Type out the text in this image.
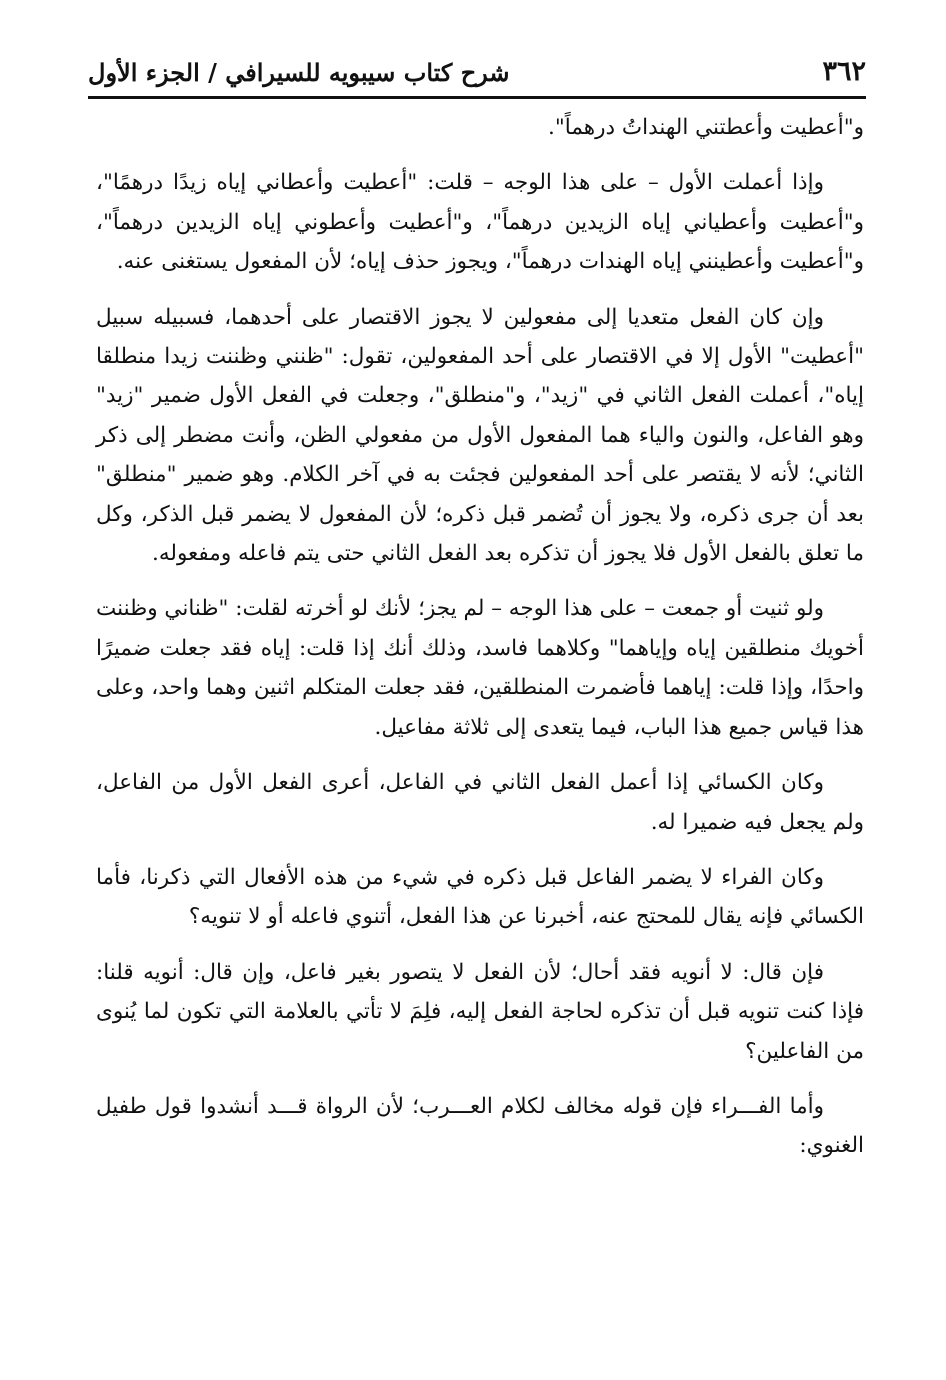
٣٦٢
شرح كتاب سيبويه للسيرافي / الجزء الأول

و"أعطيت وأعطتني الهنداتُ درهماً".

وإذا أعملت الأول – على هذا الوجه – قلت: "أعطيت وأعطاني إياه زيدًا درهمًا"، و"أعطيت وأعطياني إياه الزيدين درهماً"، و"أعطيت وأعطوني إياه الزيدين درهماً"، و"أعطيت وأعطينني إياه الهندات درهماً"، ويجوز حذف إياه؛ لأن المفعول يستغنى عنه.

وإن كان الفعل متعديا إلى مفعولين لا يجوز الاقتصار على أحدهما، فسبيله سبيل "أعطيت" الأول إلا في الاقتصار على أحد المفعولين، تقول: "ظنني وظننت زيدا منطلقا إياه"، أعملت الفعل الثاني في "زيد"، و"منطلق"، وجعلت في الفعل الأول ضمير "زيد" وهو الفاعل، والنون والياء هما المفعول الأول من مفعولي الظن، وأنت مضطر إلى ذكر الثاني؛ لأنه لا يقتصر على أحد المفعولين فجئت به في آخر الكلام. وهو ضمير "منطلق" بعد أن جرى ذكره، ولا يجوز أن تُضمر قبل ذكره؛ لأن المفعول لا يضمر قبل الذكر، وكل ما تعلق بالفعل الأول فلا يجوز أن تذكره بعد الفعل الثاني حتى يتم فاعله ومفعوله.

ولو ثنيت أو جمعت – على هذا الوجه – لم يجز؛ لأنك لو أخرته لقلت: "ظناني وظننت أخويك منطلقين إياه وإياهما" وكلاهما فاسد، وذلك أنك إذا قلت: إياه فقد جعلت ضميرًا واحدًا، وإذا قلت: إياهما فأضمرت المنطلقين، فقد جعلت المتكلم اثنين وهما واحد، وعلى هذا قياس جميع هذا الباب، فيما يتعدى إلى ثلاثة مفاعيل.

وكان الكسائي إذا أعمل الفعل الثاني في الفاعل، أعرى الفعل الأول من الفاعل، ولم يجعل فيه ضميرا له.

وكان الفراء لا يضمر الفاعل قبل ذكره في شيء من هذه الأفعال التي ذكرنا، فأما الكسائي فإنه يقال للمحتج عنه، أخبرنا عن هذا الفعل، أتنوي فاعله أو لا تنويه؟

فإن قال: لا أنويه فقد أحال؛ لأن الفعل لا يتصور بغير فاعل، وإن قال: أنويه قلنا: فإذا كنت تنويه قبل أن تذكره لحاجة الفعل إليه، فلِمَ لا تأتي بالعلامة التي تكون لما يُنوى من الفاعلين؟

وأما الفـــراء فإن قوله مخالف لكلام العـــرب؛ لأن الرواة قـــد أنشدوا قول طفيل الغنوي:
